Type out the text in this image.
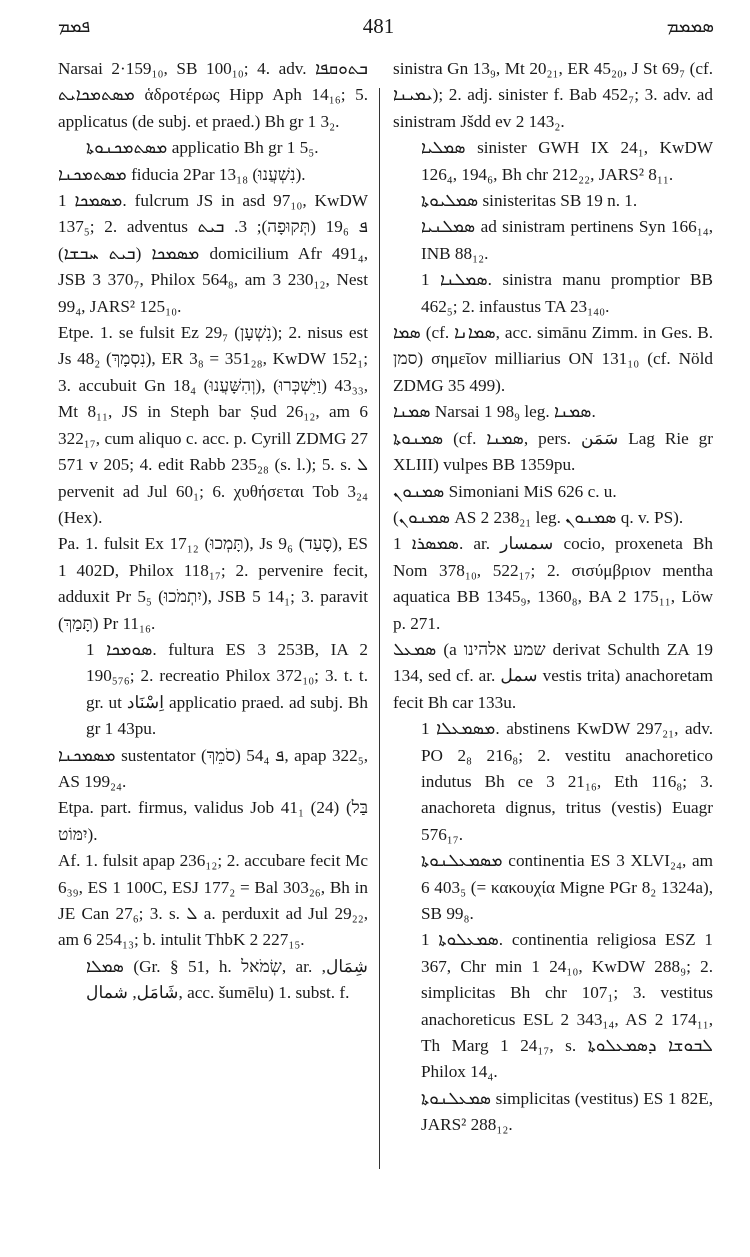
ܦܡܡ	481	ܣܡܡܡ

Narsai 2·159₁₀, SB 100₁₀; 4. adv. ܒܬܘܩܦܐ ܡܣܬܡܟܐܝܬ ἁδροτέρως Hipp Aph 14₁₆; 5. applicatus (de subj. et praed.) Bh gr 1 3₂.

ܡܣܬܡܟܢܘܬܐ applicatio Bh gr 1 5₅.

ܡܣܬܡܟܢܐ fiducia 2Par 13₁₈ (נִשְׁעֲנוּ).

ܡܣܡܟܐ 1. fulcrum JS in asd 97₁₀, KwDW 137₅; 2. adventus ܦ 19₆ (תְּקוּפָה); 3. ܒܝܬ ܡܣܡܟܐ (ܒܝܬ ܚܒܫܐ) domicilium Afr 491₄, JSB 3 370₇, Philox 564₈, am 3 230₁₂, Nest 99₄, JARS² 125₁₀.

Etpe. 1. se fulsit Ez 29₇ (נִשְׁעָן); 2. nisus est Js 48₂ (נִסְמָךְ), ER 3₈ = 351₂₈, KwDW 152₁; 3. accubuit Gn 18₄ (וְהִשָּׁעֲנוּ), 43₃₃ (וַיִּשְׁכְּרוּ), Mt 8₁₁, JS in Steph bar Ṣud 26₁₂, am 6 322₁₇, cum aliquo c. acc. p. Cyrill ZDMG 27 571 v 205; 4. edit Rabb 235₂₈ (s. l.); 5. s. ܠ pervenit ad Jul 60₁; 6. χυθήσεται Tob 3₂₄ (Hex).

Pa. 1. fulsit Ex 17₁₂ (תָּמְכוּ), Js 9₆ (סָעַד), ES 1 402D, Philox 118₁₇; 2. pervenire fecit, adduxit Pr 5₅ (יִתְמֹכוּ), JSB 5 14₁; 3. paravit (תָּמַךְ) Pr 11₁₆.

ܣܘܡܟܐ 1. fultura ES 3 253B, IA 2 190₅₇₆; 2. recreatio Philox 372₁₀; 3. t. t. gr. ut اِسْنَاد applicatio praed. ad subj. Bh gr 1 43pu.

ܡܣܡܟܢܐ sustentator ܦ 54₄ (סֹמֵךְ), apap 322₅, AS 199₂₄.

Etpa. part. firmus, validus Job 41₁ (24) (בַּל יִמּוֹט).

Af. 1. fulsit apap 236₁₂; 2. accubare fecit Mc 6₃₉, ES 1 100C, ESJ 177₂ = Bal 303₂₆, Bh in JE Can 27₆; 3. s. ܠ a. perduxit ad Jul 29₂₂, am 6 254₁₃; b. intulit ThbK 2 227₁₅.

ܣܡܠܐ (Gr. § 51, h. שְׂמֹאל, ar. شِمَال, شَامَل, شمال, acc. šumēlu) 1. subst. f.

sinistra Gn 13₉, Mt 20₂₁, ER 45₂₀, J St 69₇ (cf. ܝܡܝܢܐ); 2. adj. sinister f. Bab 452₇; 3. adv. ad sinistram Jšdd ev 2 143₂.

ܣܡܠܝܐ sinister GWH IX 24₁, KwDW 126₄, 194₆, Bh chr 212₂₂, JARS² 8₁₁.

ܣܡܠܝܘܬܐ sinisteritas SB 19 n. 1.

ܣܡܠܢܝܐ ad sinistram pertinens Syn 166₁₄, INB 88₁₂.

ܣܡܠܢܐ 1. sinistra manu promptior BB 462₅; 2. infaustus TA 23₁₄₀.

ܣܡܐ (cf. ܣܡܐܢܐ, acc. simānu Zimm. in Ges. B. סמן) σημεῖον milliarius ON 131₁₀ (cf. Nöld ZDMG 35 499).

ܣܡܢܐ Narsai 1 98₉ leg. ܣܡܢܐ.

ܣܡܢܘܬܐ (cf. ܣܡܢܐ, pers. سَمَن Lag Rie gr XLIII) vulpes BB 1359pu.

ܣܡܢܘܢ Simoniani MiS 626 c. u.

(ܣܡܢܘܢ AS 2 238₂₁ leg. ܣܡܢܘܢ q. v. PS).

ܣܡܣܪܐ 1. ar. سمسار cocio, proxeneta Bh Nom 378₁₀, 522₁₇; 2. σισύμβριον mentha aquatica BB 1345₉, 1360₈, BA 2 175₁₁, Löw p. 271.

ܣܡܥܠ (a שמע אלהינו derivat Schulth ZA 19 134, sed cf. ar. سمل vestis trita) anachoretam fecit Bh car 133u.

ܡܣܡܥܠܐ 1. abstinens KwDW 297₂₁, adv. PO 2₈ 216₈; 2. vestitu anachoretico indutus Bh ce 3 21₁₆, Eth 116₈; 3. anachoreta dignus, tritus (vestis) Euagr 576₁₇.

ܡܣܡܥܠܢܘܬܐ continentia ES 3 XLVI₂₄, am 6 403₅ (= κακουχία Migne PGr 8₂ 1324a), SB 99₈.

ܣܡܥܠܘܬܐ 1. continentia religiosa ESZ 1 367, Chr min 1 24₁₀, KwDW 288₉; 2. simplicitas Bh chr 107₁; 3. vestitus anachoreticus ESL 2 343₁₄, AS 2 174₁₁, Th Marg 1 24₁₇, s. ܠܒܘܫܐ ܕܣܡܥܠܘܬܐ Philox 14₄.

ܣܡܥܠܢܘܬܐ simplicitas (vestitus) ES 1 82E, JARS² 288₁₂.
